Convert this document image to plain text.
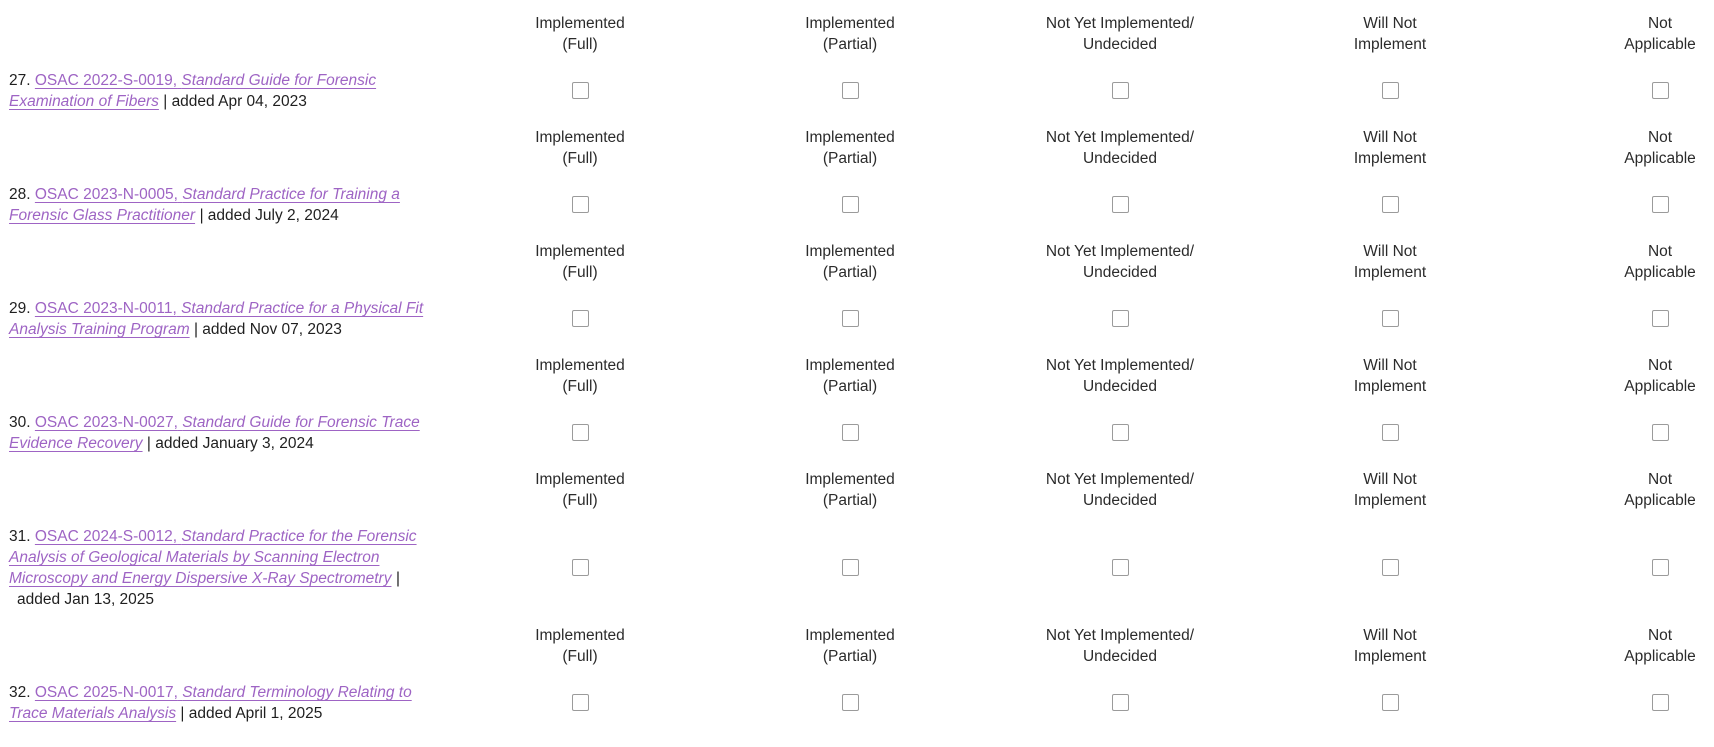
Implemented
(Full)
Implemented
(Partial)
Not Yet Implemented/
Undecided
Will Not
Implement
Not
Applicable
27. OSAC 2022-S-0019, Standard Guide for Forensic Examination of Fibers | added Apr 04, 2023
Implemented
(Full)
Implemented
(Partial)
Not Yet Implemented/
Undecided
Will Not
Implement
Not
Applicable
28. OSAC 2023-N-0005, Standard Practice for Training a Forensic Glass Practitioner | added July 2, 2024
Implemented
(Full)
Implemented
(Partial)
Not Yet Implemented/
Undecided
Will Not
Implement
Not
Applicable
29. OSAC 2023-N-0011, Standard Practice for a Physical Fit Analysis Training Program | added Nov 07, 2023
Implemented
(Full)
Implemented
(Partial)
Not Yet Implemented/
Undecided
Will Not
Implement
Not
Applicable
30. OSAC 2023-N-0027, Standard Guide for Forensic Trace Evidence Recovery | added January 3, 2024
Implemented
(Full)
Implemented
(Partial)
Not Yet Implemented/
Undecided
Will Not
Implement
Not
Applicable
31. OSAC 2024-S-0012, Standard Practice for the Forensic Analysis of Geological Materials by Scanning Electron Microscopy and Energy Dispersive X-Ray Spectrometry |
added Jan 13, 2025
Implemented
(Full)
Implemented
(Partial)
Not Yet Implemented/
Undecided
Will Not
Implement
Not
Applicable
32. OSAC 2025-N-0017, Standard Terminology Relating to Trace Materials Analysis | added April 1, 2025
